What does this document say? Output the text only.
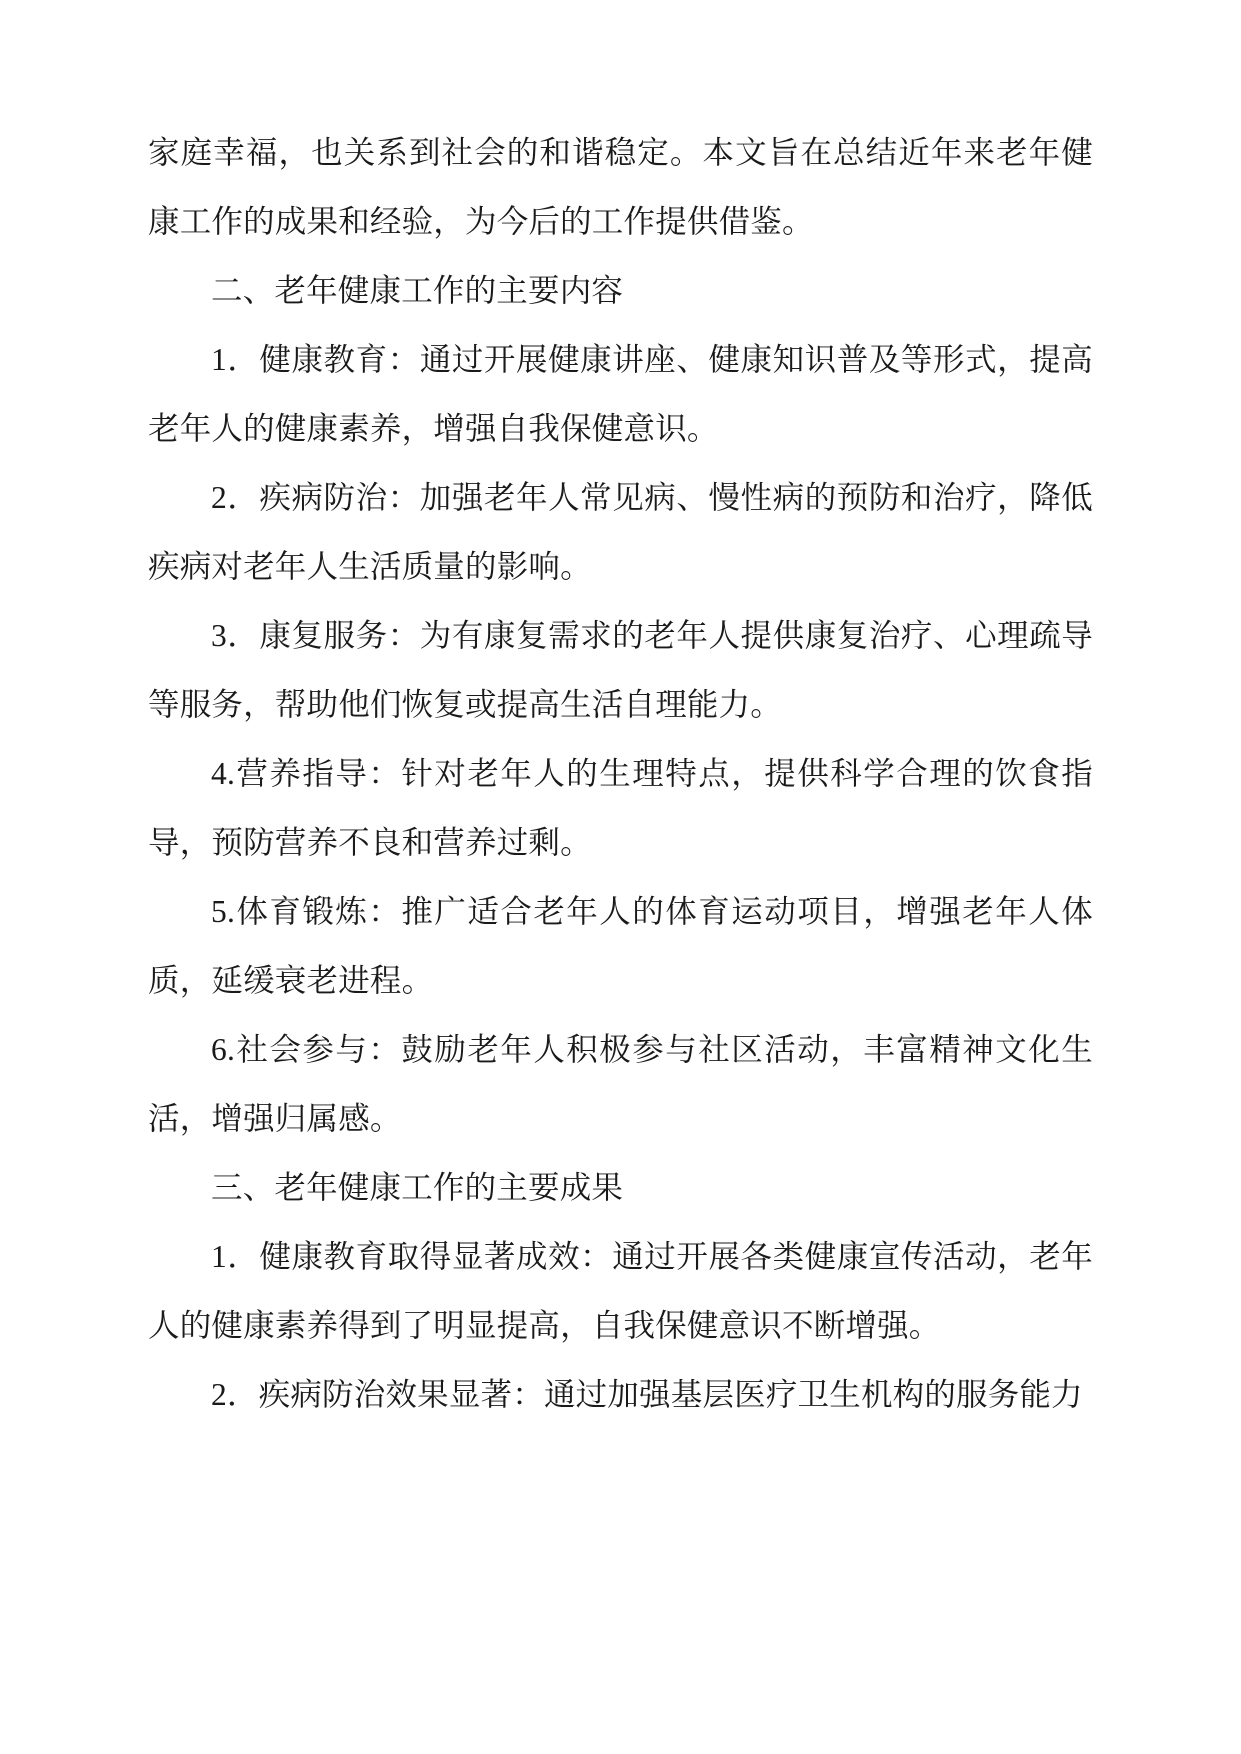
家庭幸福，也关系到社会的和谐稳定。本文旨在总结近年来老年健康工作的成果和经验，为今后的工作提供借鉴。

二、老年健康工作的主要内容

1．健康教育：通过开展健康讲座、健康知识普及等形式，提高老年人的健康素养，增强自我保健意识。

2．疾病防治：加强老年人常见病、慢性病的预防和治疗，降低疾病对老年人生活质量的影响。

3．康复服务：为有康复需求的老年人提供康复治疗、心理疏导等服务，帮助他们恢复或提高生活自理能力。

4.营养指导：针对老年人的生理特点，提供科学合理的饮食指导，预防营养不良和营养过剩。

5.体育锻炼：推广适合老年人的体育运动项目，增强老年人体质，延缓衰老进程。

6.社会参与：鼓励老年人积极参与社区活动，丰富精神文化生活，增强归属感。

三、老年健康工作的主要成果

1．健康教育取得显著成效：通过开展各类健康宣传活动，老年人的健康素养得到了明显提高，自我保健意识不断增强。

2．疾病防治效果显著：通过加强基层医疗卫生机构的服务能力
